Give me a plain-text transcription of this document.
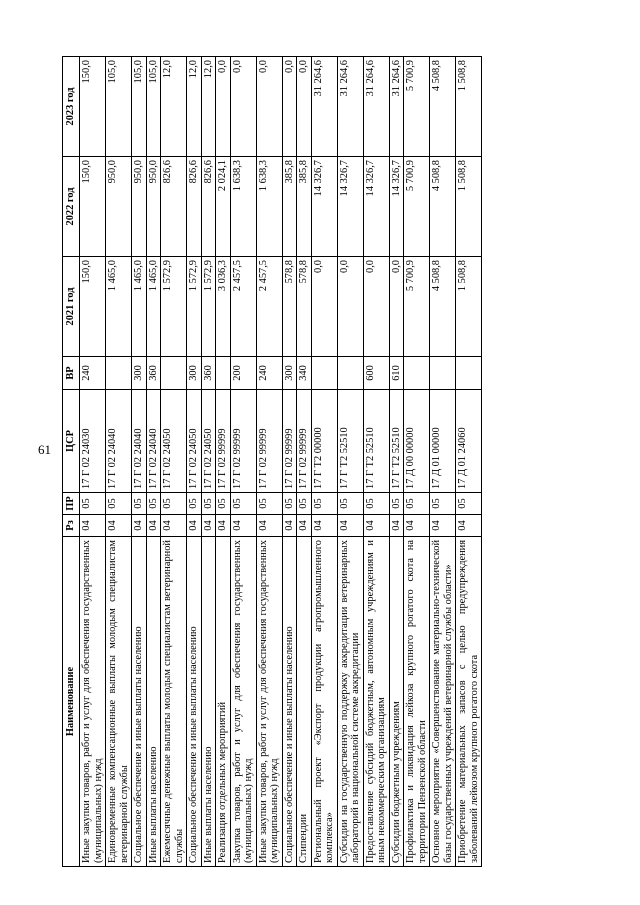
61
Наименование	Рз	ПР	ЦСР	ВР	2021 год	2022 год	2023 год
Иные закупки товаров, работ и услуг для обеспечения государственных (муниципальных) нужд	04	05	17 Г 02 24030	240	150,0	150,0	150,0
Единовременные компенсационные выплаты молодым специалистам ветеринарной службы	04	05	17 Г 02 24040		1 465,0	950,0	105,0
Социальное обеспечение и иные выплаты населению	04	05	17 Г 02 24040	300	1 465,0	950,0	105,0
Иные выплаты населению	04	05	17 Г 02 24040	360	1 465,0	950,0	105,0
Ежемесячные денежные выплаты молодым специалистам ветеринарной службы	04	05	17 Г 02 24050		1 572,9	826,6	12,0
Социальное обеспечение и иные выплаты населению	04	05	17 Г 02 24050	300	1 572,9	826,6	12,0
Иные выплаты населению	04	05	17 Г 02 24050	360	1 572,9	826,6	12,0
Реализация отдельных мероприятий	04	05	17 Г 02 99999		3 036,3	2 024,1	0,0
Закупка товаров, работ и услуг для обеспечения государственных (муниципальных) нужд	04	05	17 Г 02 99999	200	2 457,5	1 638,3	0,0
Иные закупки товаров, работ и услуг для обеспечения государственных (муниципальных) нужд	04	05	17 Г 02 99999	240	2 457,5	1 638,3	0,0
Социальное обеспечение и иные выплаты населению	04	05	17 Г 02 99999	300	578,8	385,8	0,0
Стипендии	04	05	17 Г 02 99999	340	578,8	385,8	0,0
Региональный проект «Экспорт продукции агропромышленного комплекса»	04	05	17 Г Т2 00000		0,0	14 326,7	31 264,6
Субсидии на государственную поддержку аккредитации ветеринарных лабораторий в национальной системе аккредитации	04	05	17 Г Т2 52510		0,0	14 326,7	31 264,6
Предоставление субсидий бюджетным, автономным учреждениям и иным некоммерческим организациям	04	05	17 Г Т2 52510	600	0,0	14 326,7	31 264,6
Субсидии бюджетным учреждениям	04	05	17 Г Т2 52510	610	0,0	14 326,7	31 264,6
Профилактика и ликвидация лейкоза крупного рогатого скота на территории Пензенской области	04	05	17 Д 00 00000		5 700,9	5 700,9	5 700,9
Основное мероприятие «Совершенствование материально-технической базы государственных учреждений ветеринарной службы области»	04	05	17 Д 01 00000		4 508,8	4 508,8	4 508,8
Приобретение материальных запасов с целью предупреждения заболеваний лейкозом крупного рогатого скота	04	05	17 Д 01 24060		1 508,8	1 508,8	1 508,8
